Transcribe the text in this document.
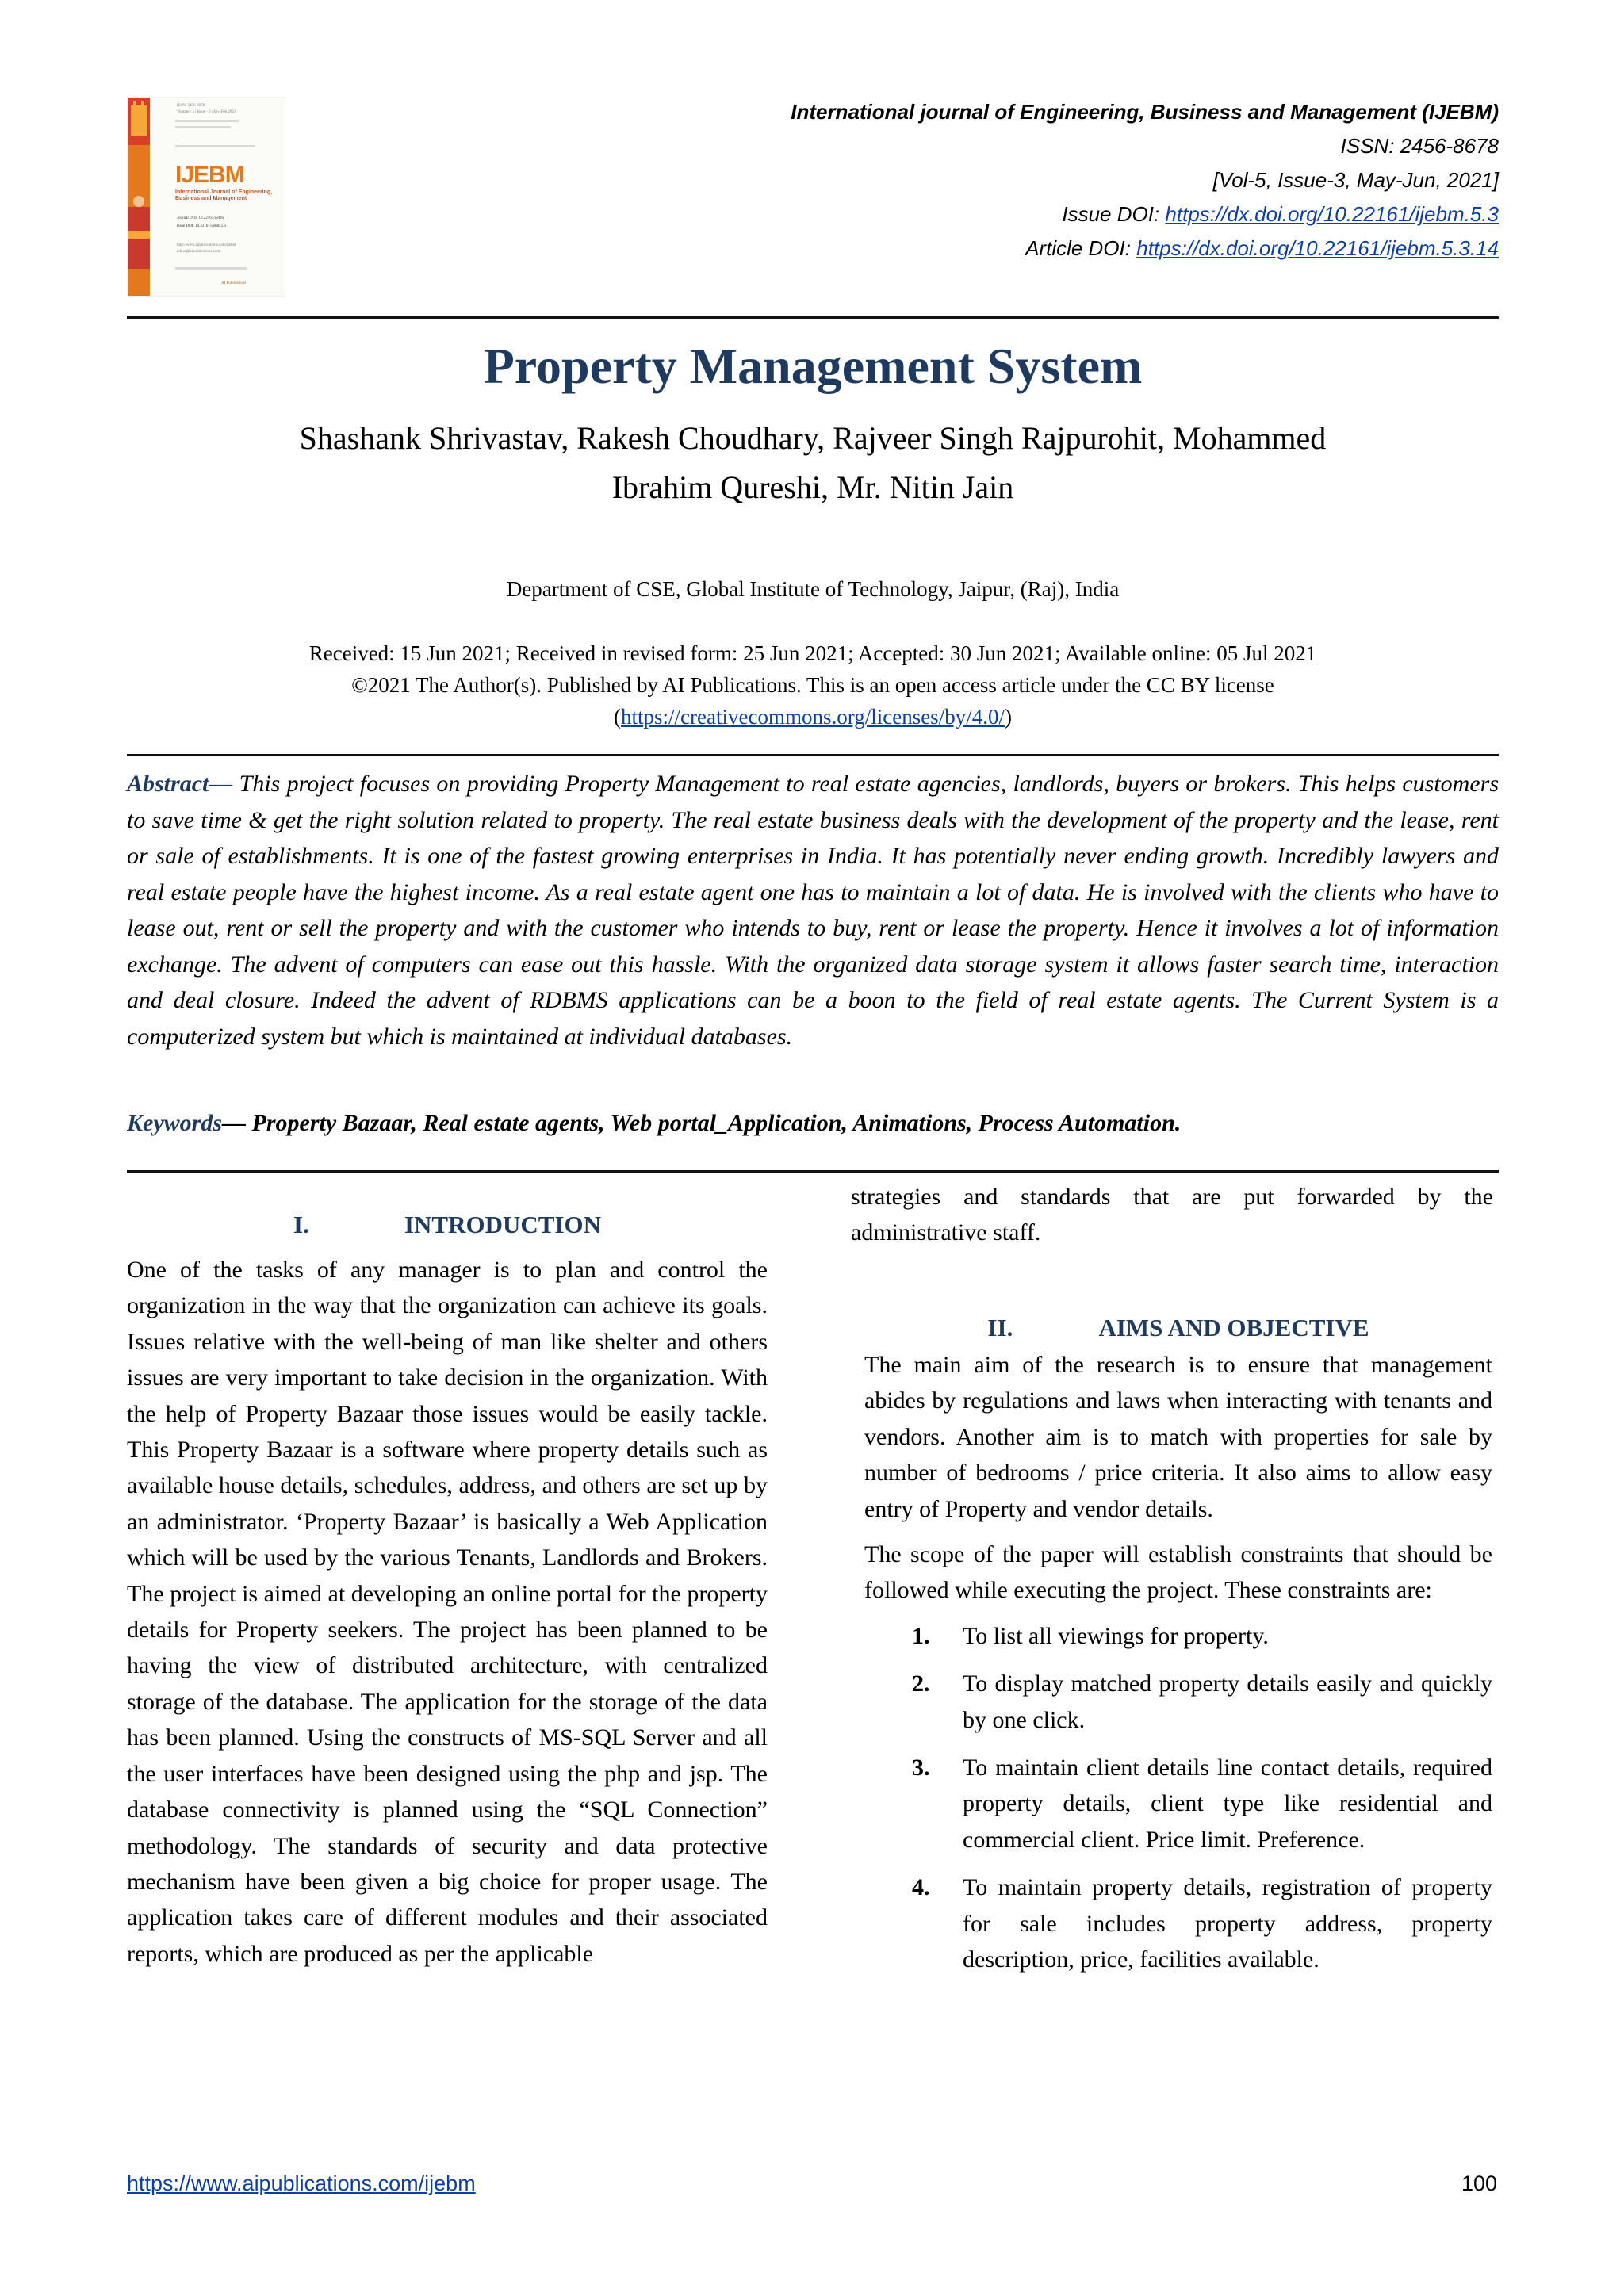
ISSN: 2456-8678
Volume - 5 | Issue - 3 | Jan- Feb 2021
IJEBM
International Journal of Engineering, Business and Management
Journal DOI: 10.22161/ijebm
Issue DOI: 10.22161/ijebm.5.3
http://www.aipublications.com/ijebm
editor@aipublications.com
AI Publications
International journal of Engineering, Business and Management (IJEBM)
ISSN: 2456-8678
[Vol-5, Issue-3, May-Jun, 2021]
Issue DOI: https://dx.doi.org/10.22161/ijebm.5.3
Article DOI: https://dx.doi.org/10.22161/ijebm.5.3.14
Property Management System
Shashank Shrivastav, Rakesh Choudhary, Rajveer Singh Rajpurohit, Mohammed
Ibrahim Qureshi, Mr. Nitin Jain
Department of CSE, Global Institute of Technology, Jaipur, (Raj), India
Received: 15 Jun 2021; Received in revised form: 25 Jun 2021; Accepted: 30 Jun 2021; Available online: 05 Jul 2021
©2021 The Author(s). Published by AI Publications. This is an open access article under the CC BY license
(https://creativecommons.org/licenses/by/4.0/)
Abstract— This project focuses on providing Property Management to real estate agencies, landlords, buyers or brokers. This helps customers to save time & get the right solution related to property. The real estate business deals with the development of the property and the lease, rent or sale of establishments. It is one of the fastest growing enterprises in India. It has potentially never ending growth. Incredibly lawyers and real estate people have the highest income. As a real estate agent one has to maintain a lot of data. He is involved with the clients who have to lease out, rent or sell the property and with the customer who intends to buy, rent or lease the property. Hence it involves a lot of information exchange. The advent of computers can ease out this hassle. With the organized data storage system it allows faster search time, interaction and deal closure. Indeed the advent of RDBMS applications can be a boon to the field of real estate agents. The Current System is a computerized system but which is maintained at individual databases.
Keywords— Property Bazaar, Real estate agents, Web portal_Application, Animations, Process Automation.
I.	INTRODUCTION

One of the tasks of any manager is to plan and control the organization in the way that the organization can achieve its goals. Issues relative with the well-being of man like shelter and others issues are very important to take decision in the organization. With the help of Property Bazaar those issues would be easily tackle. This Property Bazaar is a software where property details such as available house details, schedules, address, and others are set up by an administrator. ‘Property Bazaar’ is basically a Web Application which will be used by the various Tenants, Landlords and Brokers. The project is aimed at developing an online portal for the property details for Property seekers. The project has been planned to be having the view of distributed architecture, with centralized storage of the database. The application for the storage of the data has been planned. Using the constructs of MS-SQL Server and all the user interfaces have been designed using the php and jsp. The database connectivity is planned using the “SQL Connection” methodology. The standards of security and data protective mechanism have been given a big choice for proper usage. The application takes care of different modules and their associated reports, which are produced as per the applicable

strategies and standards that are put forwarded by the administrative staff.

II.	AIMS AND OBJECTIVE

The main aim of the research is to ensure that management abides by regulations and laws when interacting with tenants and vendors. Another aim is to match with properties for sale by number of bedrooms / price criteria. It also aims to allow easy entry of Property and vendor details.

The scope of the paper will establish constraints that should be followed while executing the project. These constraints are:

1. To list all viewings for property.
2. To display matched property details easily and quickly by one click.
3. To maintain client details line contact details, required property details, client type like residential and commercial client. Price limit. Preference.
4. To maintain property details, registration of property for sale includes property address, property description, price, facilities available.
https://www.aipublications.com/ijebm	100
